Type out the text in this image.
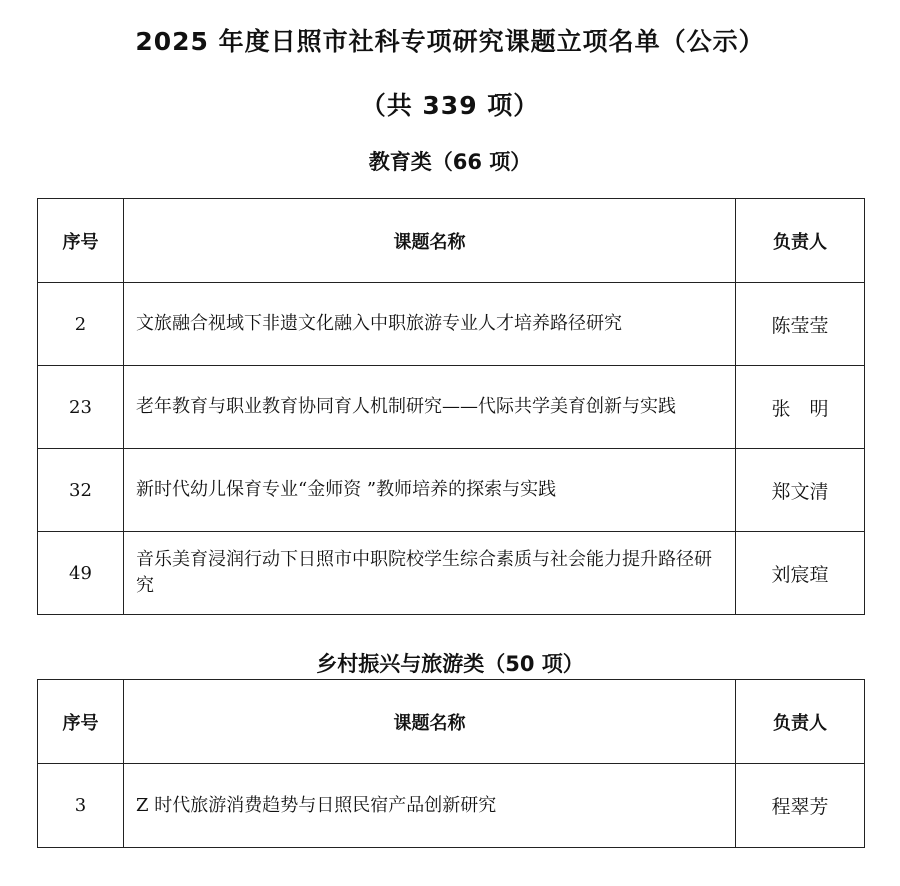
2025 年度日照市社科专项研究课题立项名单（公示）
（共 339 项）
教育类（66 项）
序号	课题名称	负责人
2	文旅融合视域下非遗文化融入中职旅游专业人才培养路径研究	陈莹莹
23	老年教育与职业教育协同育人机制研究——代际共学美育创新与实践	张　明
32	新时代幼儿保育专业“金师资 ”教师培养的探索与实践	郑文清
49	音乐美育浸润行动下日照市中职院校学生综合素质与社会能力提升路径研究	刘宸瑄
乡村振兴与旅游类（50 项）
序号	课题名称	负责人
3	Z 时代旅游消费趋势与日照民宿产品创新研究	程翠芳
